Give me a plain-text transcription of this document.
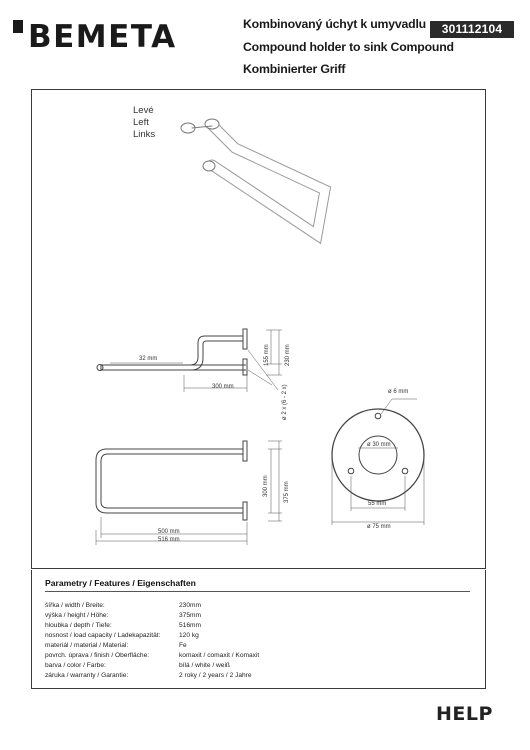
BEMETA	Kombinovaný úchyt k umyvadlu	301112104
Compound holder to sink Compound
Kombinierter Griff
Levé
Left
Links
32 mm	155 mm	230 mm
300 mm	ø 2 x (6 - 2 x)
300 mm	375 mm
500 mm
516 mm
ø 6 mm
ø 30 mm
55 mm
ø 75 mm
Parametry / Features / Eigenschaften
šířka / width / Breite:	230mm
výška / height / Höhe:	375mm
hloubka / depth / Tiefe:	516mm
nosnost / load capacity / Ladekapazität:	120 kg
materiál / material / Material:	Fe
povrch. úprava / finish / Oberfläche:	komaxit / comaxit / Komaxit
barva / color / Farbe:	bílá / white / weiß
záruka / warranty / Garantie:	2 roky / 2 years / 2 Jahre
HELP
